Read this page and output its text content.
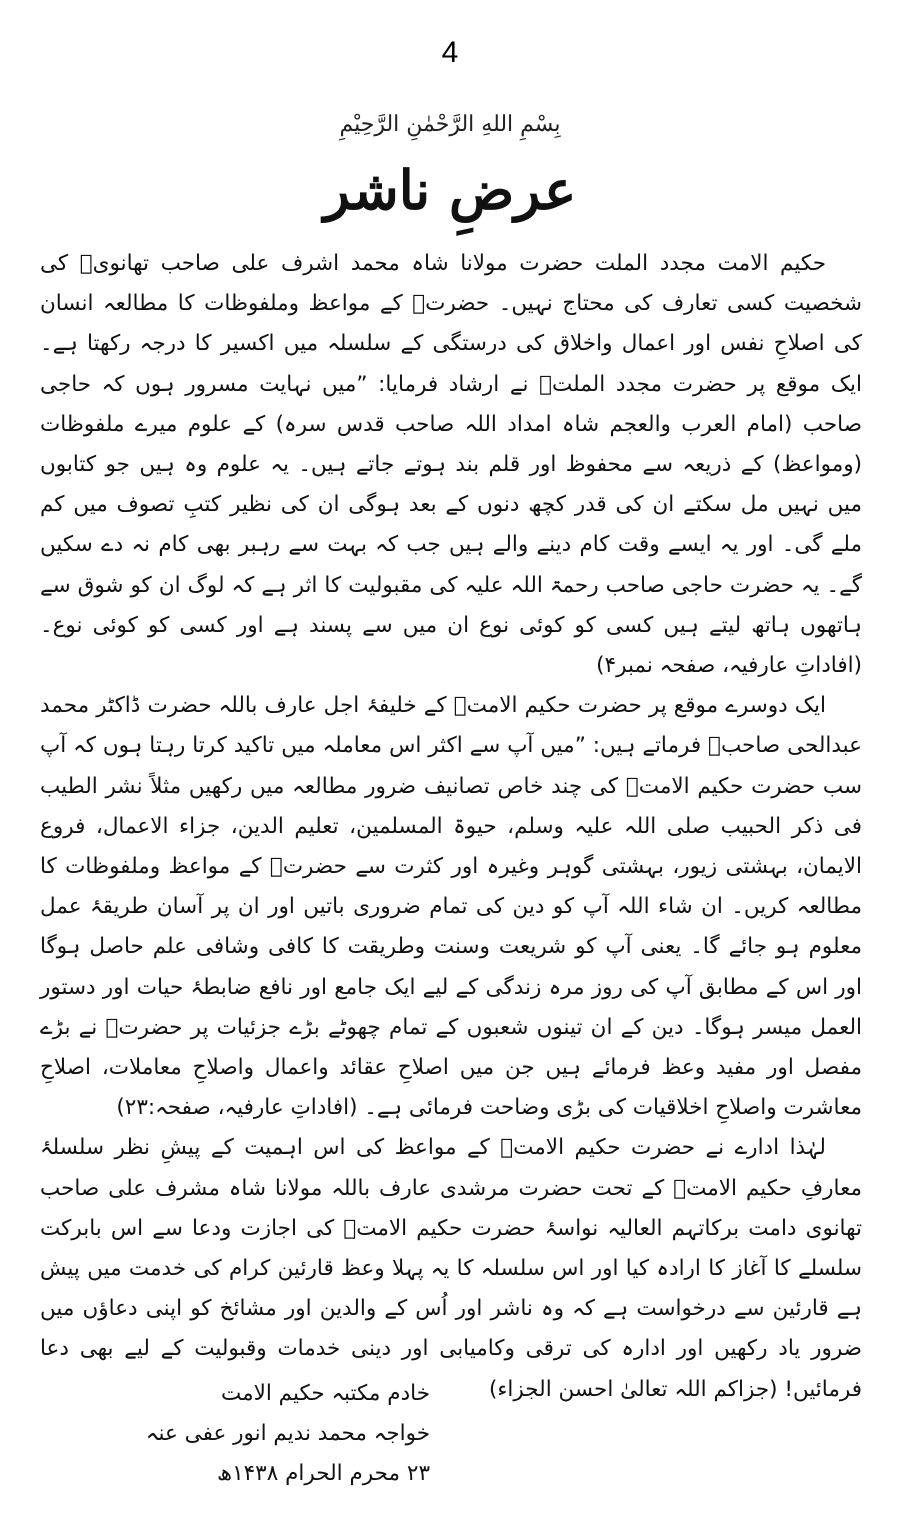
4
بِسْمِ اللهِ الرَّحْمٰنِ الرَّحِیْمِ
عرضِ ناشر

حکیم الامت مجدد الملت حضرت مولانا شاہ محمد اشرف علی صاحب تھانویؒ کی شخصیت کسی تعارف کی محتاج نہیں۔ حضرتؒ کے مواعظ وملفوظات کا مطالعہ انسان کی اصلاحِ نفس اور اعمال واخلاق کی درستگی کے سلسلہ میں اکسیر کا درجہ رکھتا ہے۔ ایک موقع پر حضرت مجدد الملتؒ نے ارشاد فرمایا: ”میں نہایت مسرور ہوں کہ حاجی صاحب (امام العرب والعجم شاہ امداد اللہ صاحب قدس سرہ) کے علوم میرے ملفوظات (ومواعظ) کے ذریعہ سے محفوظ اور قلم بند ہوتے جاتے ہیں۔ یہ علوم وہ ہیں جو کتابوں میں نہیں مل سکتے ان کی قدر کچھ دنوں کے بعد ہوگی ان کی نظیر کتبِ تصوف میں کم ملے گی۔ اور یہ ایسے وقت کام دینے والے ہیں جب کہ بہت سے رہبر بھی کام نہ دے سکیں گے۔ یہ حضرت حاجی صاحب رحمۃ اللہ علیہ کی مقبولیت کا اثر ہے کہ لوگ ان کو شوق سے ہاتھوں ہاتھ لیتے ہیں کسی کو کوئی نوع ان میں سے پسند ہے اور کسی کو کوئی نوع۔ (افاداتِ عارفیہ، صفحہ نمبر۴)

ایک دوسرے موقع پر حضرت حکیم الامتؒ کے خلیفۂ اجل عارف باللہ حضرت ڈاکٹر محمد عبدالحی صاحبؒ فرماتے ہیں: ”میں آپ سے اکثر اس معاملہ میں تاکید کرتا رہتا ہوں کہ آپ سب حضرت حکیم الامتؒ کی چند خاص تصانیف ضرور مطالعہ میں رکھیں مثلاً نشر الطیب فی ذکر الحبیب صلی اللہ علیہ وسلم، حیوۃ المسلمین، تعلیم الدین، جزاء الاعمال، فروع الایمان، بہشتی زیور، بہشتی گوہر وغیرہ اور کثرت سے حضرتؒ کے مواعظ وملفوظات کا مطالعہ کریں۔ ان شاء اللہ آپ کو دین کی تمام ضروری باتیں اور ان پر آسان طریقۂ عمل معلوم ہو جائے گا۔ یعنی آپ کو شریعت وسنت وطریقت کا کافی وشافی علم حاصل ہوگا اور اس کے مطابق آپ کی روز مرہ زندگی کے لیے ایک جامع اور نافع ضابطۂ حیات اور دستور العمل میسر ہوگا۔ دین کے ان تینوں شعبوں کے تمام چھوٹے بڑے جزئیات پر حضرتؒ نے بڑے مفصل اور مفید وعظ فرمائے ہیں جن میں اصلاحِ عقائد واعمال واصلاحِ معاملات، اصلاحِ معاشرت واصلاحِ اخلاقیات کی بڑی وضاحت فرمائی ہے۔ (افاداتِ عارفیہ، صفحہ:۲۳)

لہٰذا ادارے نے حضرت حکیم الامتؒ کے مواعظ کی اس اہمیت کے پیشِ نظر سلسلۂ معارفِ حکیم الامتؒ کے تحت حضرت مرشدی عارف باللہ مولانا شاہ مشرف علی صاحب تھانوی دامت برکاتہم العالیہ نواسۂ حضرت حکیم الامتؒ کی اجازت ودعا سے اس بابرکت سلسلے کا آغاز کا ارادہ کیا اور اس سلسلہ کا یہ پہلا وعظ قارئین کرام کی خدمت میں پیش ہے قارئین سے درخواست ہے کہ وہ ناشر اور اُس کے والدین اور مشائخ کو اپنی دعاؤں میں ضرور یاد رکھیں اور ادارہ کی ترقی وکامیابی اور دینی خدمات وقبولیت کے لیے بھی دعا فرمائیں! (جزاکم اللہ تعالیٰ احسن الجزاء)

خادم مکتبہ حکیم الامت
خواجہ محمد ندیم انور عفی عنہ
۲۳ محرم الحرام ۱۴۳۸ھ
